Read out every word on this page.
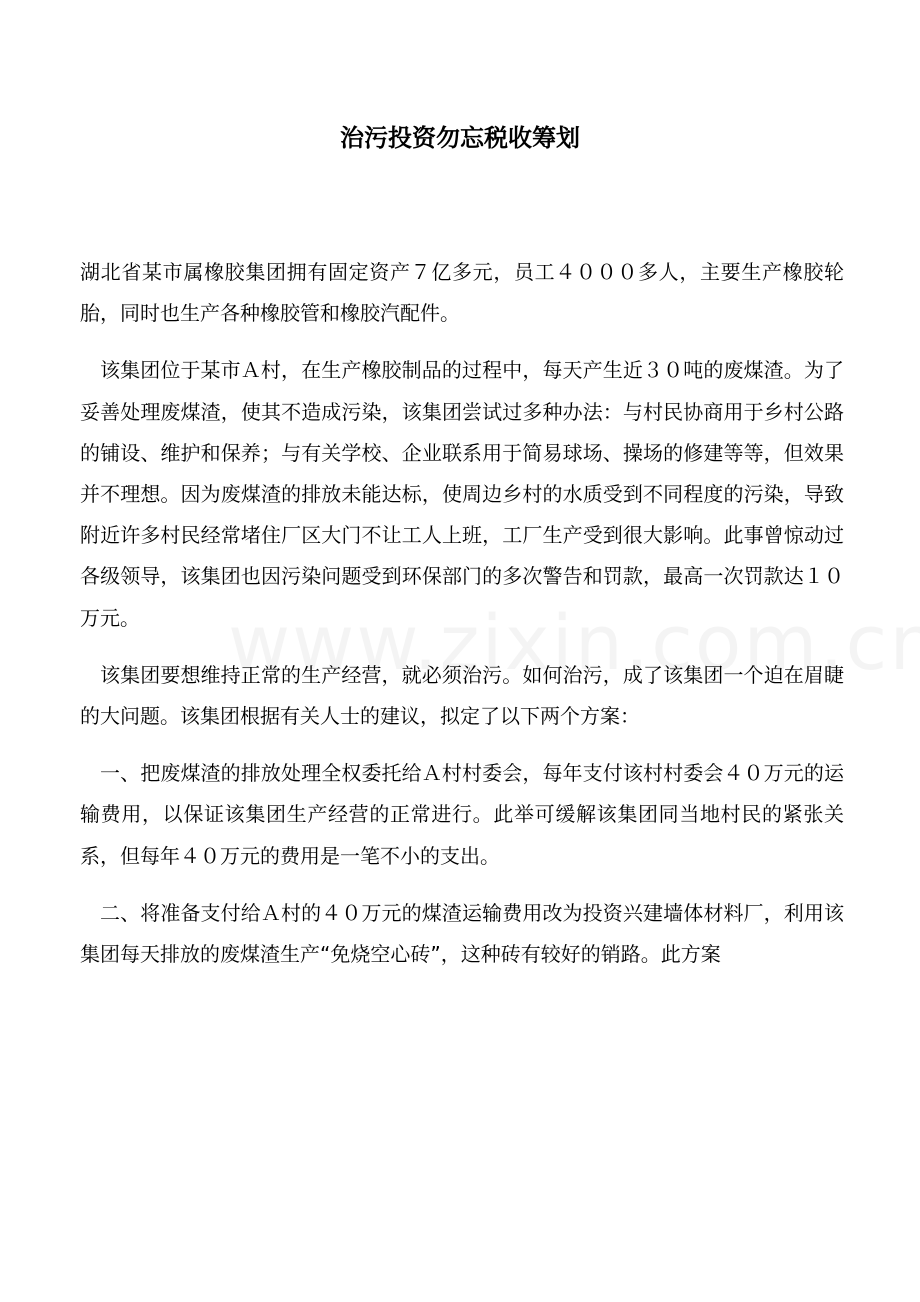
治污投资勿忘税收筹划

湖北省某市属橡胶集团拥有固定资产７亿多元，员工４０００多人，主要生产橡胶轮胎，同时也生产各种橡胶管和橡胶汽配件。

该集团位于某市Ａ村，在生产橡胶制品的过程中，每天产生近３０吨的废煤渣。为了妥善处理废煤渣，使其不造成污染，该集团尝试过多种办法：与村民协商用于乡村公路的铺设、维护和保养；与有关学校、企业联系用于简易球场、操场的修建等等，但效果并不理想。因为废煤渣的排放未能达标，使周边乡村的水质受到不同程度的污染，导致附近许多村民经常堵住厂区大门不让工人上班，工厂生产受到很大影响。此事曾惊动过各级领导，该集团也因污染问题受到环保部门的多次警告和罚款，最高一次罚款达１０万元。

该集团要想维持正常的生产经营，就必须治污。如何治污，成了该集团一个迫在眉睫的大问题。该集团根据有关人士的建议，拟定了以下两个方案：

一、把废煤渣的排放处理全权委托给Ａ村村委会，每年支付该村村委会４０万元的运输费用，以保证该集团生产经营的正常进行。此举可缓解该集团同当地村民的紧张关系，但每年４０万元的费用是一笔不小的支出。

二、将准备支付给Ａ村的４０万元的煤渣运输费用改为投资兴建墙体材料厂，利用该集团每天排放的废煤渣生产“免烧空心砖”，这种砖有较好的销路。此方案
